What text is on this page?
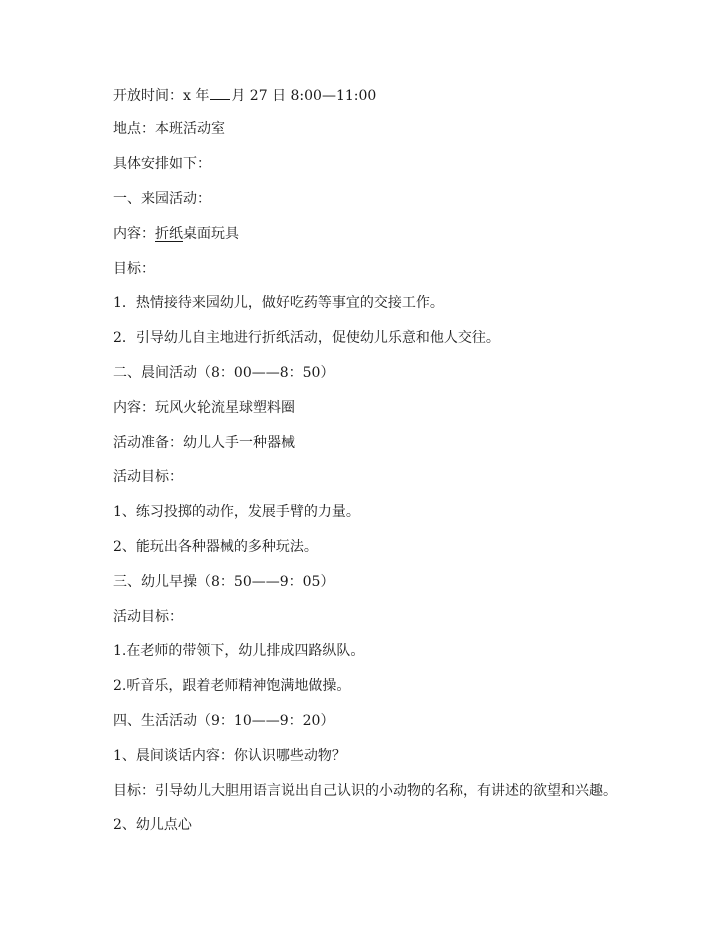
开放时间：x 年 月 27 日 8:00—11:00
地点：本班活动室
具体安排如下：
一、来园活动：
内容：折纸桌面玩具
目标：
1．热情接待来园幼儿，做好吃药等事宜的交接工作。
2．引导幼儿自主地进行折纸活动，促使幼儿乐意和他人交往。
二、晨间活动（8：00——8：50）
内容：玩风火轮流星球塑料圈
活动准备：幼儿人手一种器械
活动目标：
1、练习投掷的动作，发展手臂的力量。
2、能玩出各种器械的多种玩法。
三、幼儿早操（8：50——9：05）
活动目标：
1.在老师的带领下，幼儿排成四路纵队。
2.听音乐，跟着老师精神饱满地做操。
四、生活活动（9：10——9：20）
1、晨间谈话内容：你认识哪些动物？
目标：引导幼儿大胆用语言说出自己认识的小动物的名称，有讲述的欲望和兴趣。
2、幼儿点心
